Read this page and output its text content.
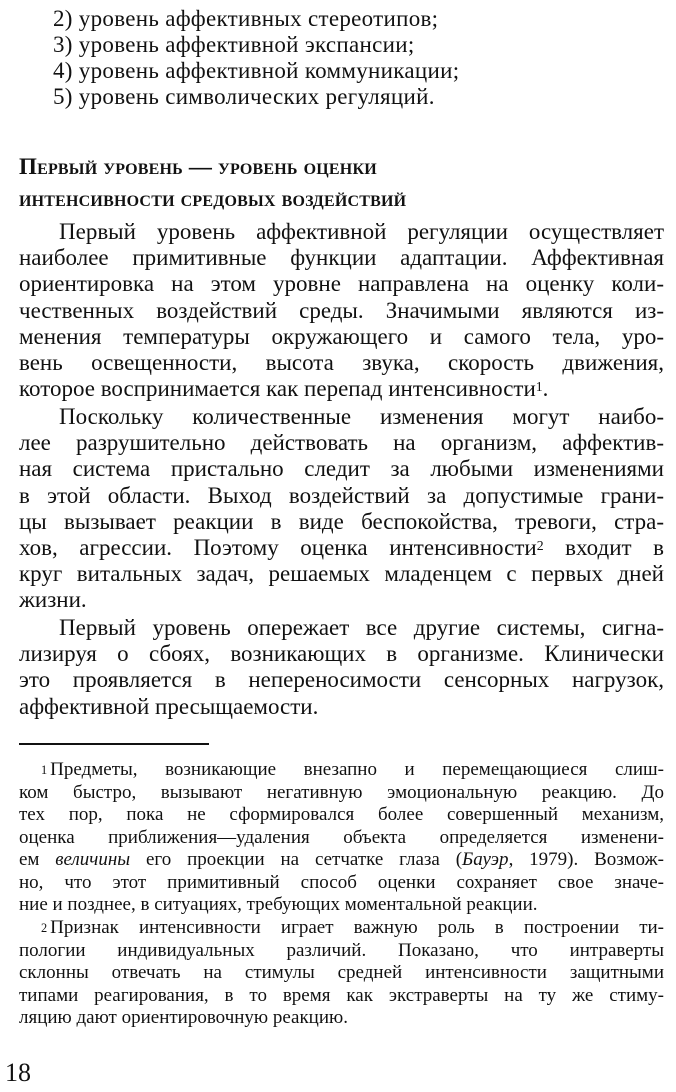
2) уровень аффективных стереотипов;
3) уровень аффективной экспансии;
4) уровень аффективной коммуникации;
5) уровень символических регуляций.
Первый уровень — уровень оценки
интенсивности средовых воздействий
Первый уровень аффективной регуляции осуществляет
наиболее примитивные функции адаптации. Аффективная
ориентировка на этом уровне направлена на оценку коли-
чественных воздействий среды. Значимыми являются из-
менения температуры окружающего и самого тела, уро-
вень освещенности, высота звука, скорость движения,
которое воспринимается как перепад интенсивности$^1$.
Поскольку количественные изменения могут наибо-
лее разрушительно действовать на организм, аффектив-
ная система пристально следит за любыми изменениями
в этой области. Выход воздействий за допустимые грани-
цы вызывает реакции в виде беспокойства, тревоги, стра-
хов, агрессии. Поэтому оценка интенсивности$^2$ входит в
круг витальных задач, решаемых младенцем с первых дней
жизни.
Первый уровень опережает все другие системы, сигна-
лизируя о сбоях, возникающих в организме. Клинически
это проявляется в непереносимости сенсорных нагрузок,
аффективной пресыщаемости.
$^1$ Предметы, возникающие внезапно и перемещающиеся слиш-
ком быстро, вызывают негативную эмоциональную реакцию. До
тех пор, пока не сформировался более совершенный механизм,
оценка приближения—удаления объекта определяется изменени-
ем величины его проекции на сетчатке глаза (Бауэр, 1979). Возмож-
но, что этот примитивный способ оценки сохраняет свое значе-
ние и позднее, в ситуациях, требующих моментальной реакции.
$^2$ Признак интенсивности играет важную роль в построении ти-
пологии индивидуальных различий. Показано, что интраверты
склонны отвечать на стимулы средней интенсивности защитными
типами реагирования, в то время как экстраверты на ту же стиму-
ляцию дают ориентировочную реакцию.
18
